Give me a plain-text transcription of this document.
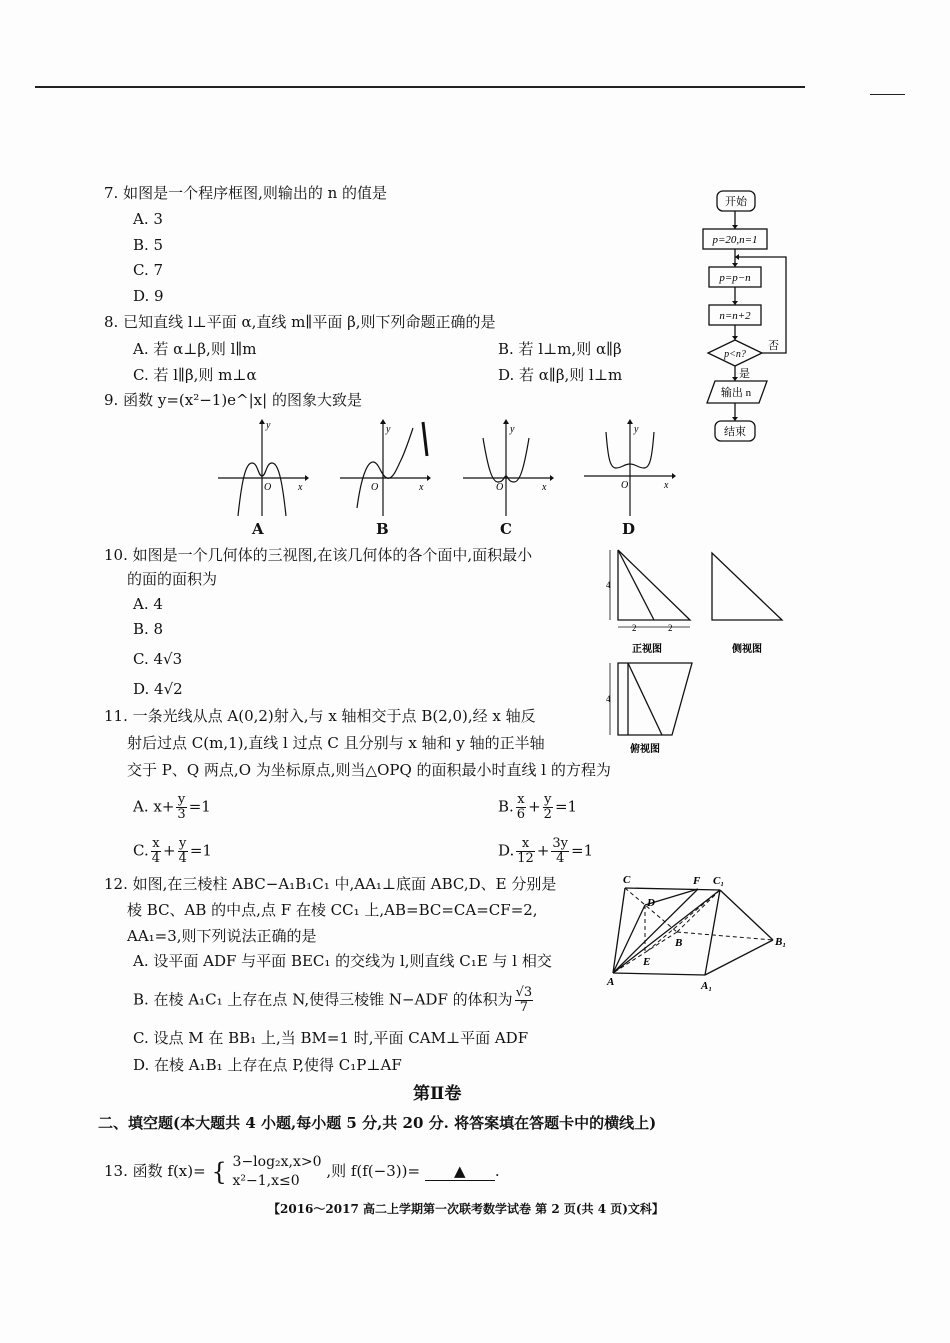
7. 如图是一个程序框图,则输出的 n 的值是
A. 3
B. 5
C. 7
D. 9
开始
p=20,n=1
p=p−n
n=n+2
p<n?
否
是
输出 n
结束
8. 已知直线 l⊥平面 α,直线 m∥平面 β,则下列命题正确的是
A. 若 α⊥β,则 l∥m	B. 若 l⊥m,则 α∥β
C. 若 l∥β,则 m⊥α	D. 若 α∥β,则 l⊥m
9. 函数 y=(x²−1)e^|x| 的图象大致是
x
y
O
A
x
y
O
B
x
y
O
C
x
y
O
D
10. 如图是一个几何体的三视图,在该几何体的各个面中,面积最小
的面的面积为
A. 4
B. 8
C. 4√3
D. 4√2
4
2	2
4
正视图	侧视图
俯视图
11. 一条光线从点 A(0,2)射入,与 x 轴相交于点 B(2,0),经 x 轴反
射后过点 C(m,1),直线 l 过点 C 且分别与 x 轴和 y 轴的正半轴
交于 P、Q 两点,O 为坐标原点,则当△OPQ 的面积最小时直线 l 的方程为
A. $x+ \frac{y}{3} =1$	B. $\frac{x}{6} + \frac{y}{2} =1$
C. $\frac{x}{4} + \frac{y}{4} =1$	D. $\frac{x}{12} + \frac{3y}{4} =1$
12. 如图,在三棱柱 ABC−A₁B₁C₁ 中,AA₁⊥底面 ABC,D、E 分别是
棱 BC、AB 的中点,点 F 在棱 CC₁ 上,AB=BC=CA=CF=2,
AA₁=3,则下列说法正确的是
A. 设平面 ADF 与平面 BEC₁ 的交线为 l,则直线 C₁E 与 l 相交
B. 在棱 A₁C₁ 上存在点 N,使得三棱锥 N−ADF 的体积为 $\frac{√3}{7}$
C. 设点 M 在 BB₁ 上,当 BM=1 时,平面 CAM⊥平面 ADF
D. 在棱 A₁B₁ 上存在点 P,使得 C₁P⊥AF
C	F C₁
D
B	B₁
E
A	A₁
第Ⅱ卷
二、填空题(本大题共 4 小题,每小题 5 分,共 20 分. 将答案填在答题卡中的横线上)
13. 函数 f(x)= { 3−log₂x,x>0
x²−1,x≤0
,则 f(f(−3))= ▲ .
【2016～2017 高二上学期第一次联考数学试卷 第 2 页(共 4 页)文科】
